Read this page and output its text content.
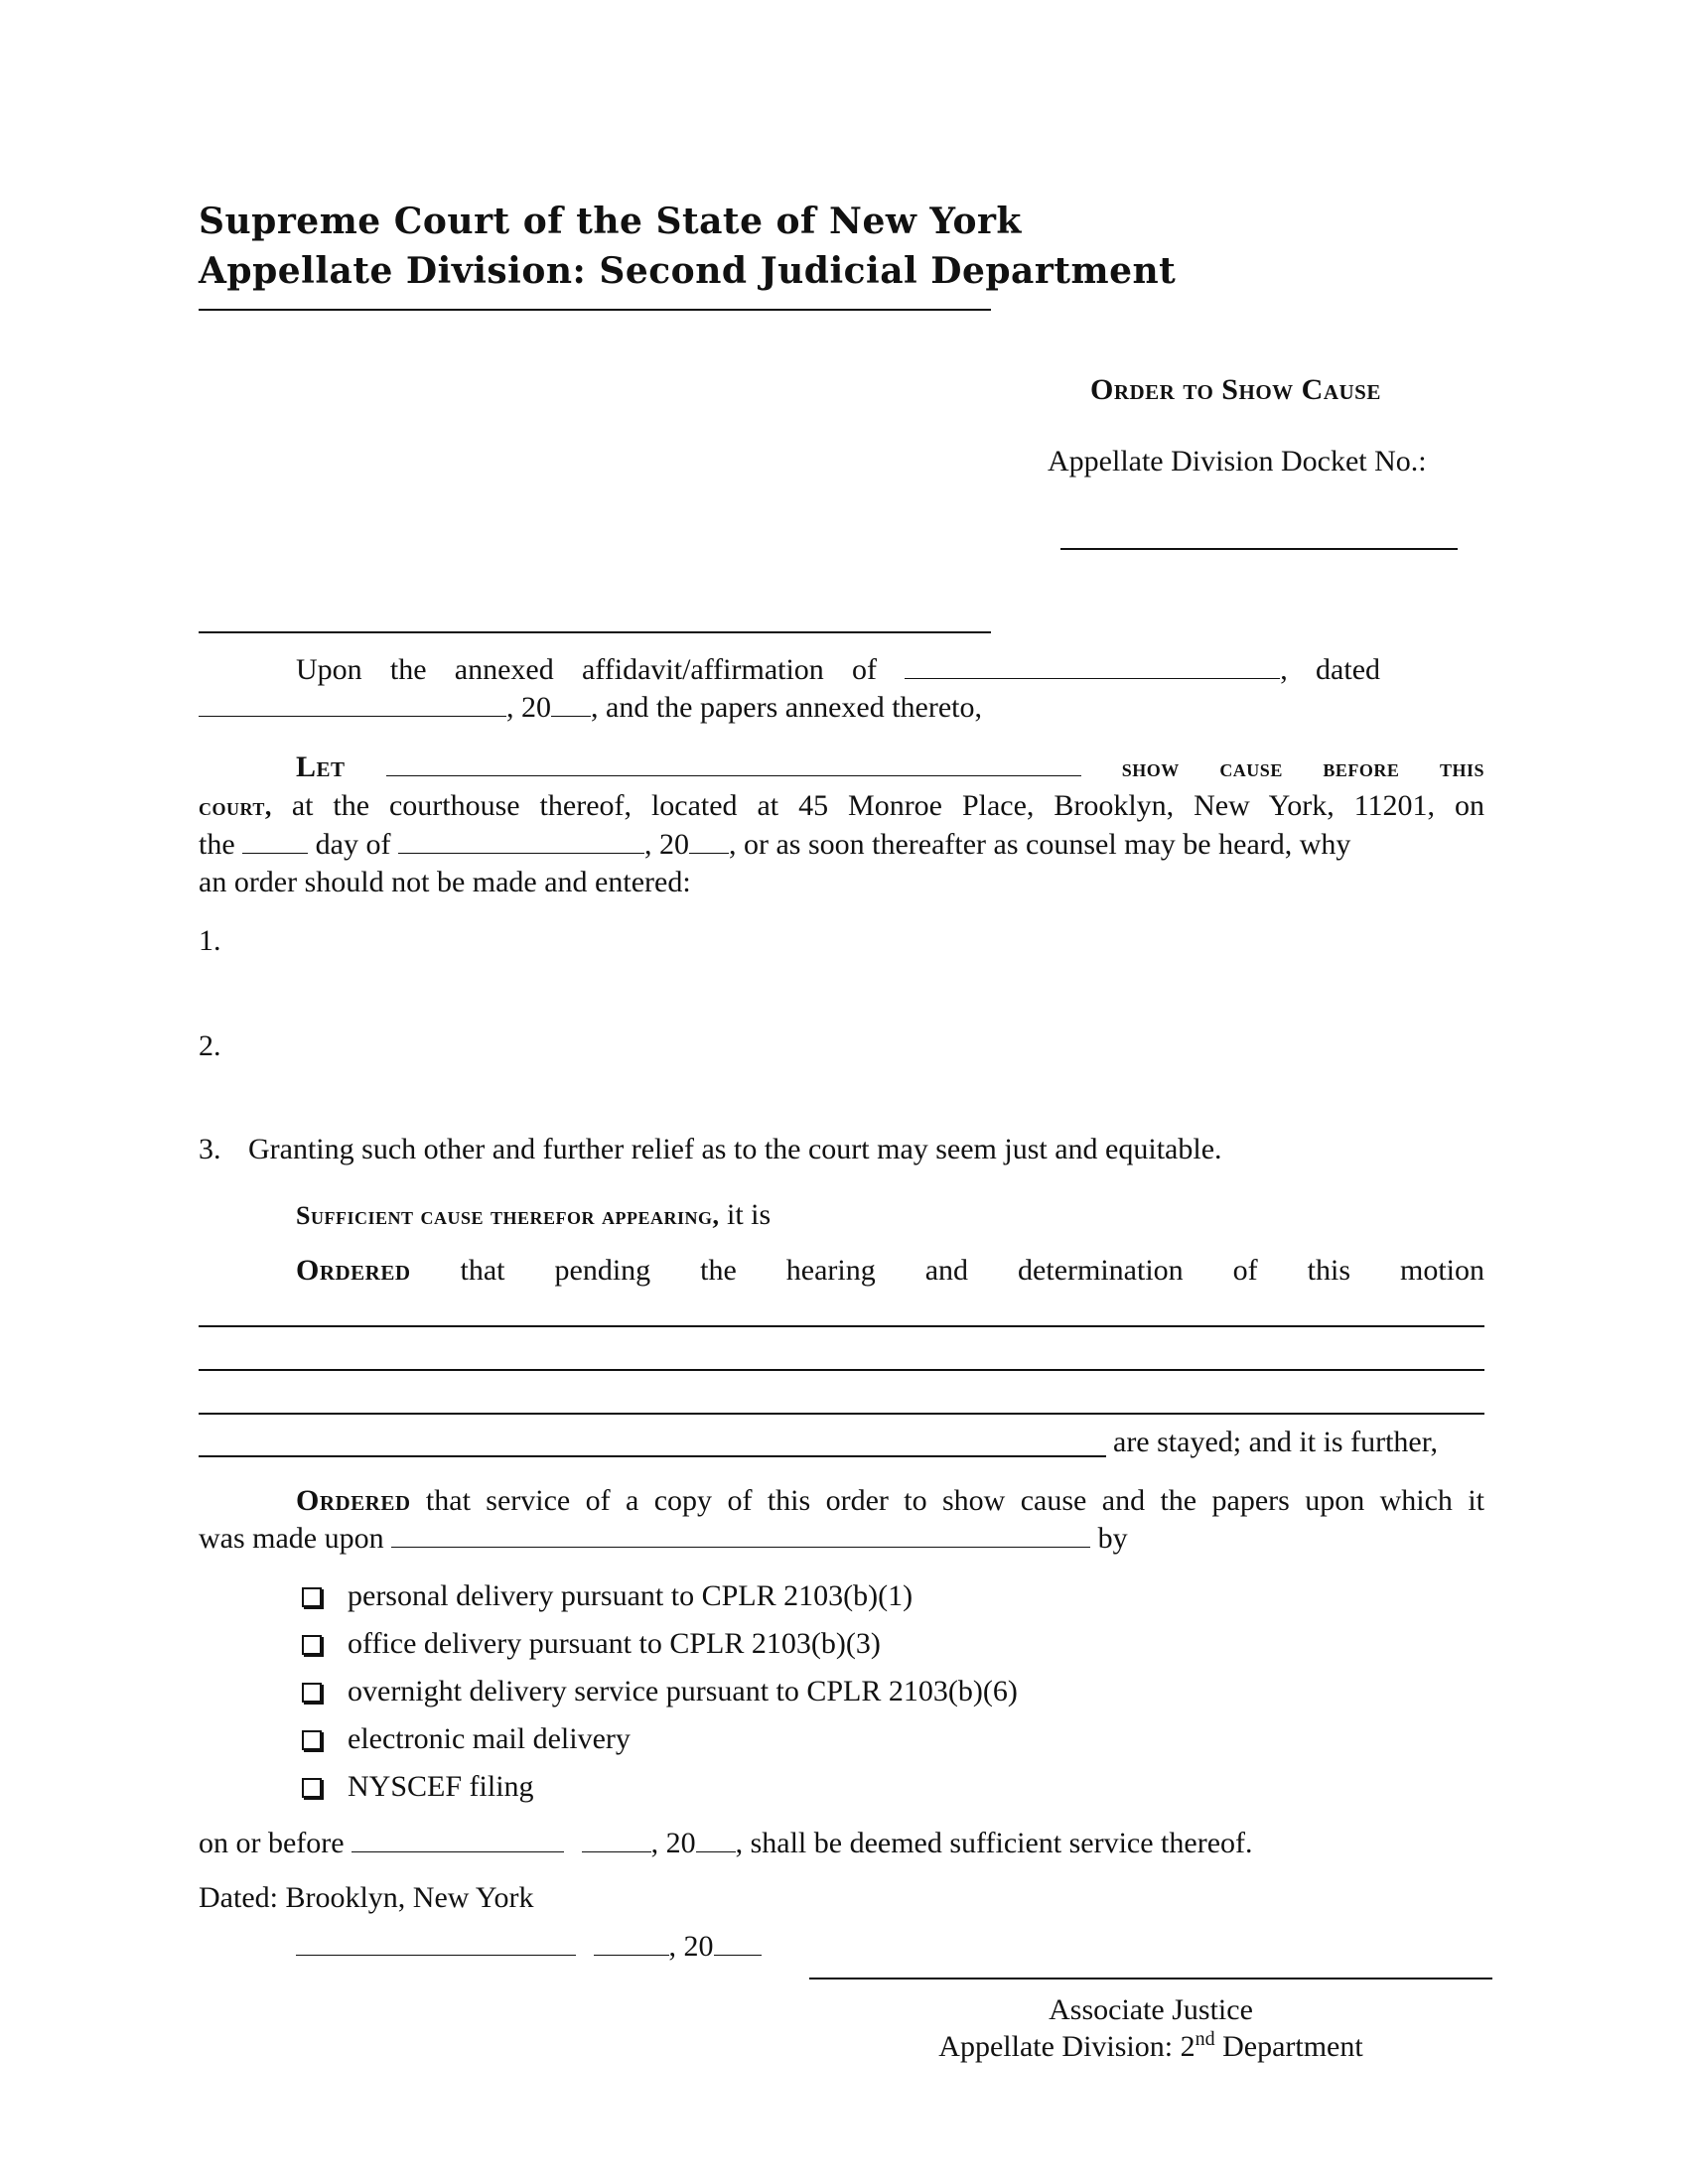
Supreme Court of the State of New York
Appellate Division: Second Judicial Department
Order to Show Cause
Appellate Division Docket No.:
Upon the annexed affidavit/affirmation of	, dated
, 20 , and the papers annexed thereto,
Let	show cause before this
court, at the courthouse thereof, located at 45 Monroe Place, Brooklyn, New York, 11201, on
the	day of	, 20 , or as soon thereafter as counsel may be heard, why
an order should not be made and entered:
1.
2.
3. Granting such other and further relief as to the court may seem just and equitable.
Sufficient cause therefor appearing, it is
Ordered that pending the hearing and determination of this motion
are stayed; and it is further,
Ordered that service of a copy of this order to show cause and the papers upon which it
was made upon	by
personal delivery pursuant to CPLR 2103(b)(1)
office delivery pursuant to CPLR 2103(b)(3)
overnight delivery service pursuant to CPLR 2103(b)(6)
electronic mail delivery
NYSCEF filing
on or before	, 20 , shall be deemed sufficient service thereof.
Dated: Brooklyn, New York
, 20
Associate Justice
Appellate Division: 2nd Department
